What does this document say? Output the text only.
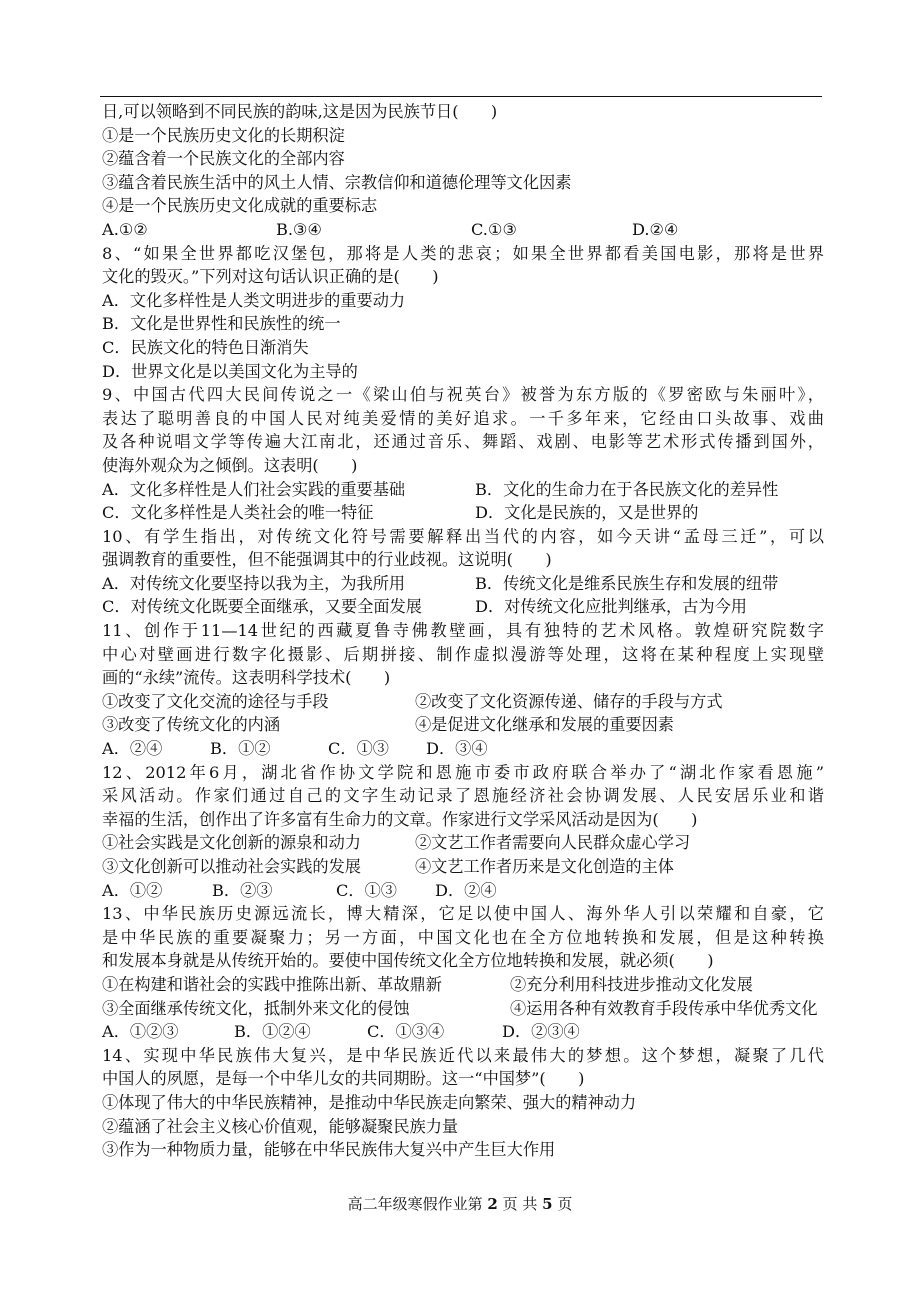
日,可以领略到不同民族的韵味,这是因为民族节日(　　)
①是一个民族历史文化的长期积淀
②蕴含着一个民族文化的全部内容
③蕴含着民族生活中的风土人情、宗教信仰和道德伦理等文化因素
④是一个民族历史文化成就的重要标志
A.①②	B.③④	C.①③	D.②④
8、“如果全世界都吃汉堡包，那将是人类的悲哀；如果全世界都看美国电影，那将是世界
文化的毁灭。”下列对这句话认识正确的是(　　)
A．文化多样性是人类文明进步的重要动力
B．文化是世界性和民族性的统一
C．民族文化的特色日渐消失
D．世界文化是以美国文化为主导的
9、中国古代四大民间传说之一《梁山伯与祝英台》被誉为东方版的《罗密欧与朱丽叶》，
表达了聪明善良的中国人民对纯美爱情的美好追求。一千多年来，它经由口头故事、戏曲
及各种说唱文学等传遍大江南北，还通过音乐、舞蹈、戏剧、电影等艺术形式传播到国外，
使海外观众为之倾倒。这表明(　　)
A．文化多样性是人们社会实践的重要基础	B．文化的生命力在于各民族文化的差异性
C．文化多样性是人类社会的唯一特征	D．文化是民族的，又是世界的
10、有学生指出，对传统文化符号需要解释出当代的内容，如今天讲“孟母三迁”，可以
强调教育的重要性，但不能强调其中的行业歧视。这说明(　　)
A．对传统文化要坚持以我为主，为我所用	B．传统文化是维系民族生存和发展的纽带
C．对传统文化既要全面继承，又要全面发展	D．对传统文化应批判继承，古为今用
11、创作于11—14世纪的西藏夏鲁寺佛教壁画，具有独特的艺术风格。敦煌研究院数字
中心对壁画进行数字化摄影、后期拼接、制作虚拟漫游等处理，这将在某种程度上实现壁
画的“永续”流传。这表明科学技术(　　)
①改变了文化交流的途径与手段	②改变了文化资源传递、储存的手段与方式
③改变了传统文化的内涵	④是促进文化继承和发展的重要因素
A．②④	B．①②	C．①③	D．③④
12、2012年6月，湖北省作协文学院和恩施市委市政府联合举办了“湖北作家看恩施”
采风活动。作家们通过自己的文字生动记录了恩施经济社会协调发展、人民安居乐业和谐
幸福的生活，创作出了许多富有生命力的文章。作家进行文学采风活动是因为(　　)
①社会实践是文化创新的源泉和动力	②文艺工作者需要向人民群众虚心学习
③文化创新可以推动社会实践的发展	④文艺工作者历来是文化创造的主体
A．①②	B．②③	C．①③	D．②④
13、中华民族历史源远流长，博大精深，它足以使中国人、海外华人引以荣耀和自豪，它
是中华民族的重要凝聚力；另一方面，中国文化也在全方位地转换和发展，但是这种转换
和发展本身就是从传统开始的。要使中国传统文化全方位地转换和发展，就必须(　　)
①在构建和谐社会的实践中推陈出新、革故鼎新	②充分利用科技进步推动文化发展
③全面继承传统文化，抵制外来文化的侵蚀	④运用各种有效教育手段传承中华优秀文化
A．①②③	B．①②④	C．①③④	D．②③④
14、实现中华民族伟大复兴，是中华民族近代以来最伟大的梦想。这个梦想，凝聚了几代
中国人的夙愿，是每一个中华儿女的共同期盼。这一“中国梦”(　　)
①体现了伟大的中华民族精神，是推动中华民族走向繁荣、强大的精神动力
②蕴涵了社会主义核心价值观，能够凝聚民族力量
③作为一种物质力量，能够在中华民族伟大复兴中产生巨大作用
高二年级寒假作业第 2 页 共 5 页
